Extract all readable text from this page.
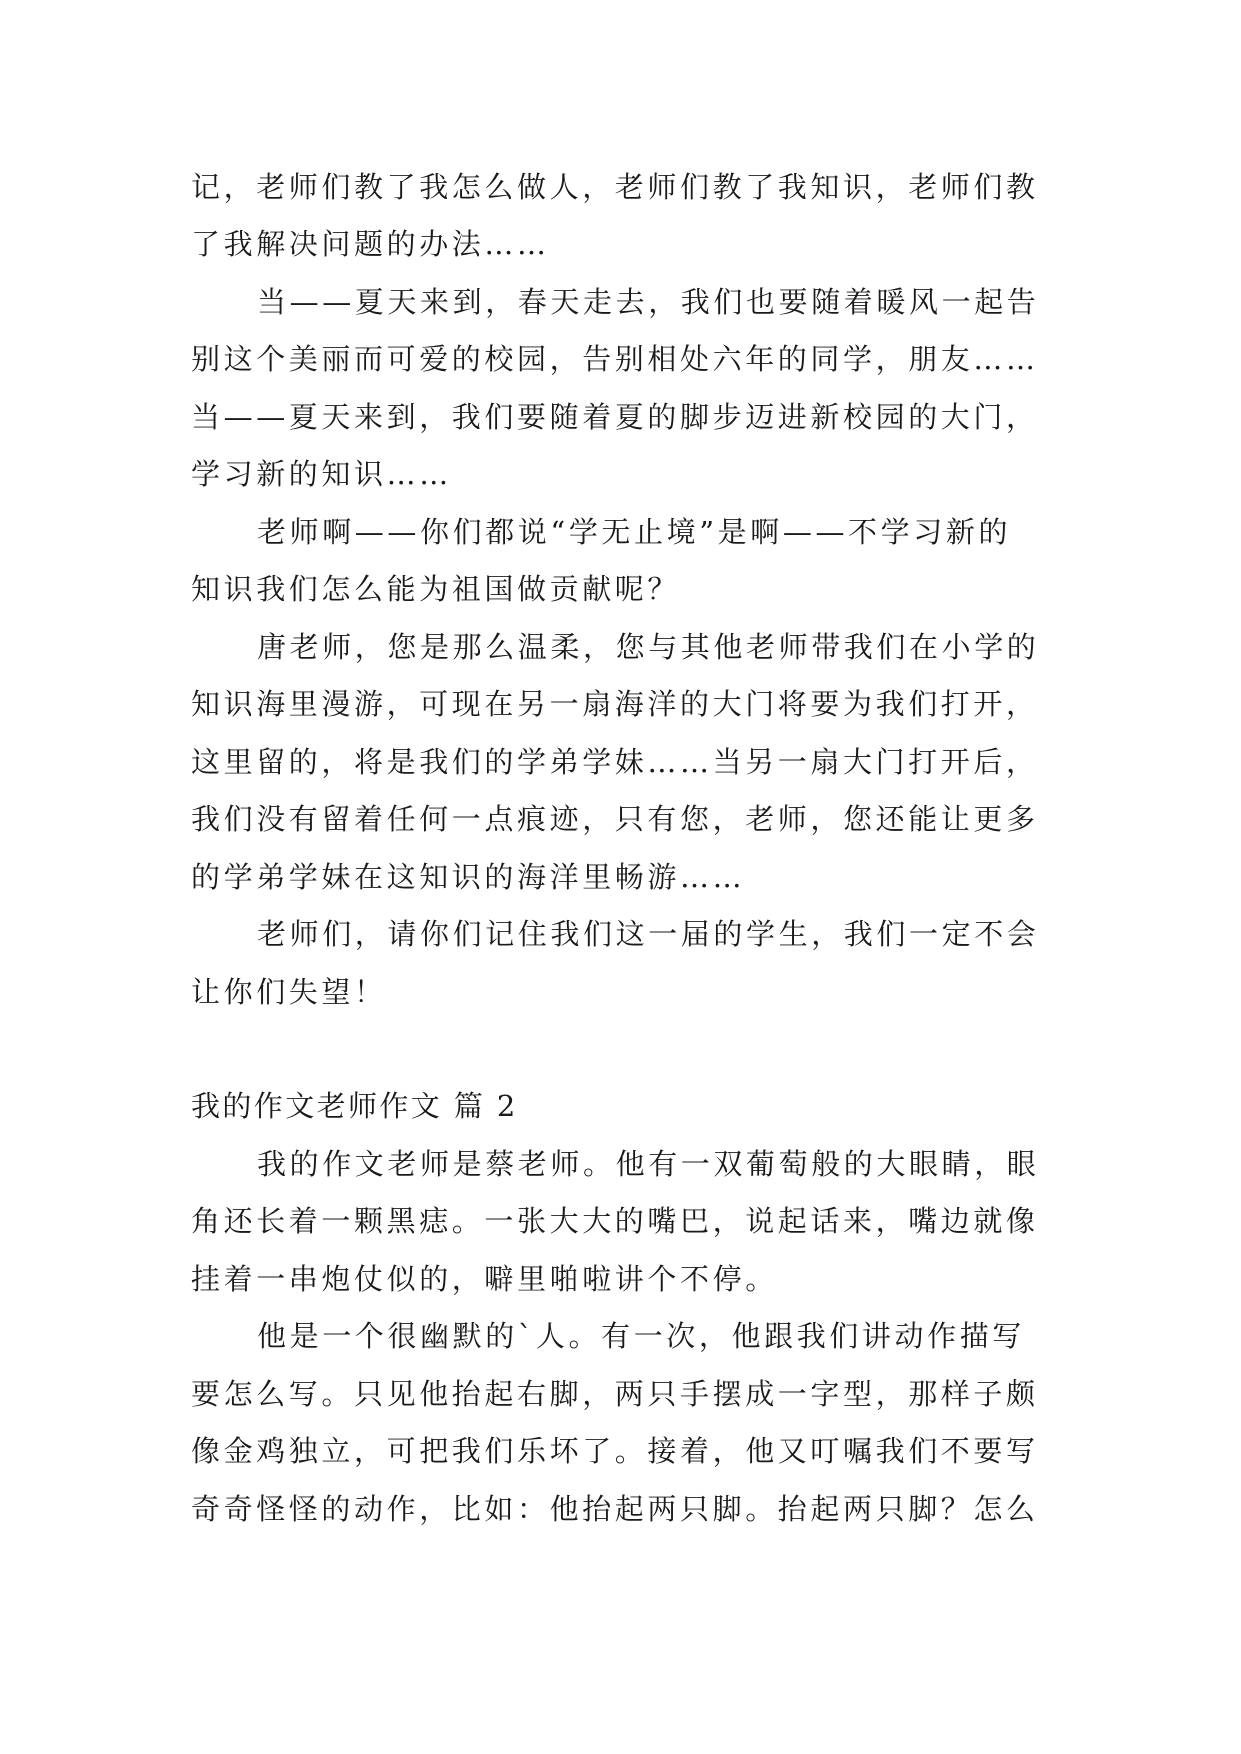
记，老师们教了我怎么做人，老师们教了我知识，老师们教
了我解决问题的办法……
当——夏天来到，春天走去，我们也要随着暖风一起告
别这个美丽而可爱的校园，告别相处六年的同学，朋友……
当——夏天来到，我们要随着夏的脚步迈进新校园的大门，
学习新的知识……
老师啊——你们都说“学无止境”是啊——不学习新的
知识我们怎么能为祖国做贡献呢？
唐老师，您是那么温柔，您与其他老师带我们在小学的
知识海里漫游，可现在另一扇海洋的大门将要为我们打开，
这里留的，将是我们的学弟学妹……当另一扇大门打开后，
我们没有留着任何一点痕迹，只有您，老师，您还能让更多
的学弟学妹在这知识的海洋里畅游……
老师们，请你们记住我们这一届的学生，我们一定不会
让你们失望！
我的作文老师作文 篇 2
我的作文老师是蔡老师。他有一双葡萄般的大眼睛，眼
角还长着一颗黑痣。一张大大的嘴巴，说起话来，嘴边就像
挂着一串炮仗似的，噼里啪啦讲个不停。
他是一个很幽默的`人。有一次，他跟我们讲动作描写
要怎么写。只见他抬起右脚，两只手摆成一字型，那样子颇
像金鸡独立，可把我们乐坏了。接着，他又叮嘱我们不要写
奇奇怪怪的动作，比如：他抬起两只脚。抬起两只脚？怎么
